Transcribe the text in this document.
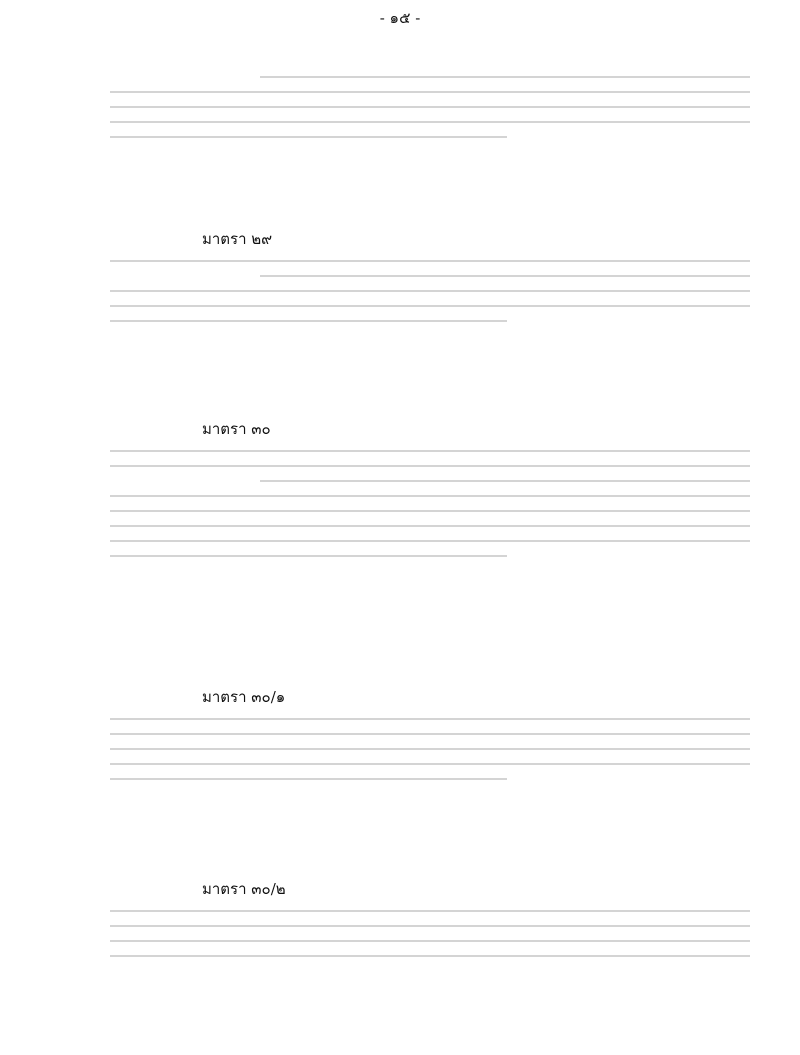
- ๑๕ -
มาตรา ๒๙
มาตรา ๓๐
มาตรา ๓๐/๑
มาตรา ๓๐/๒
